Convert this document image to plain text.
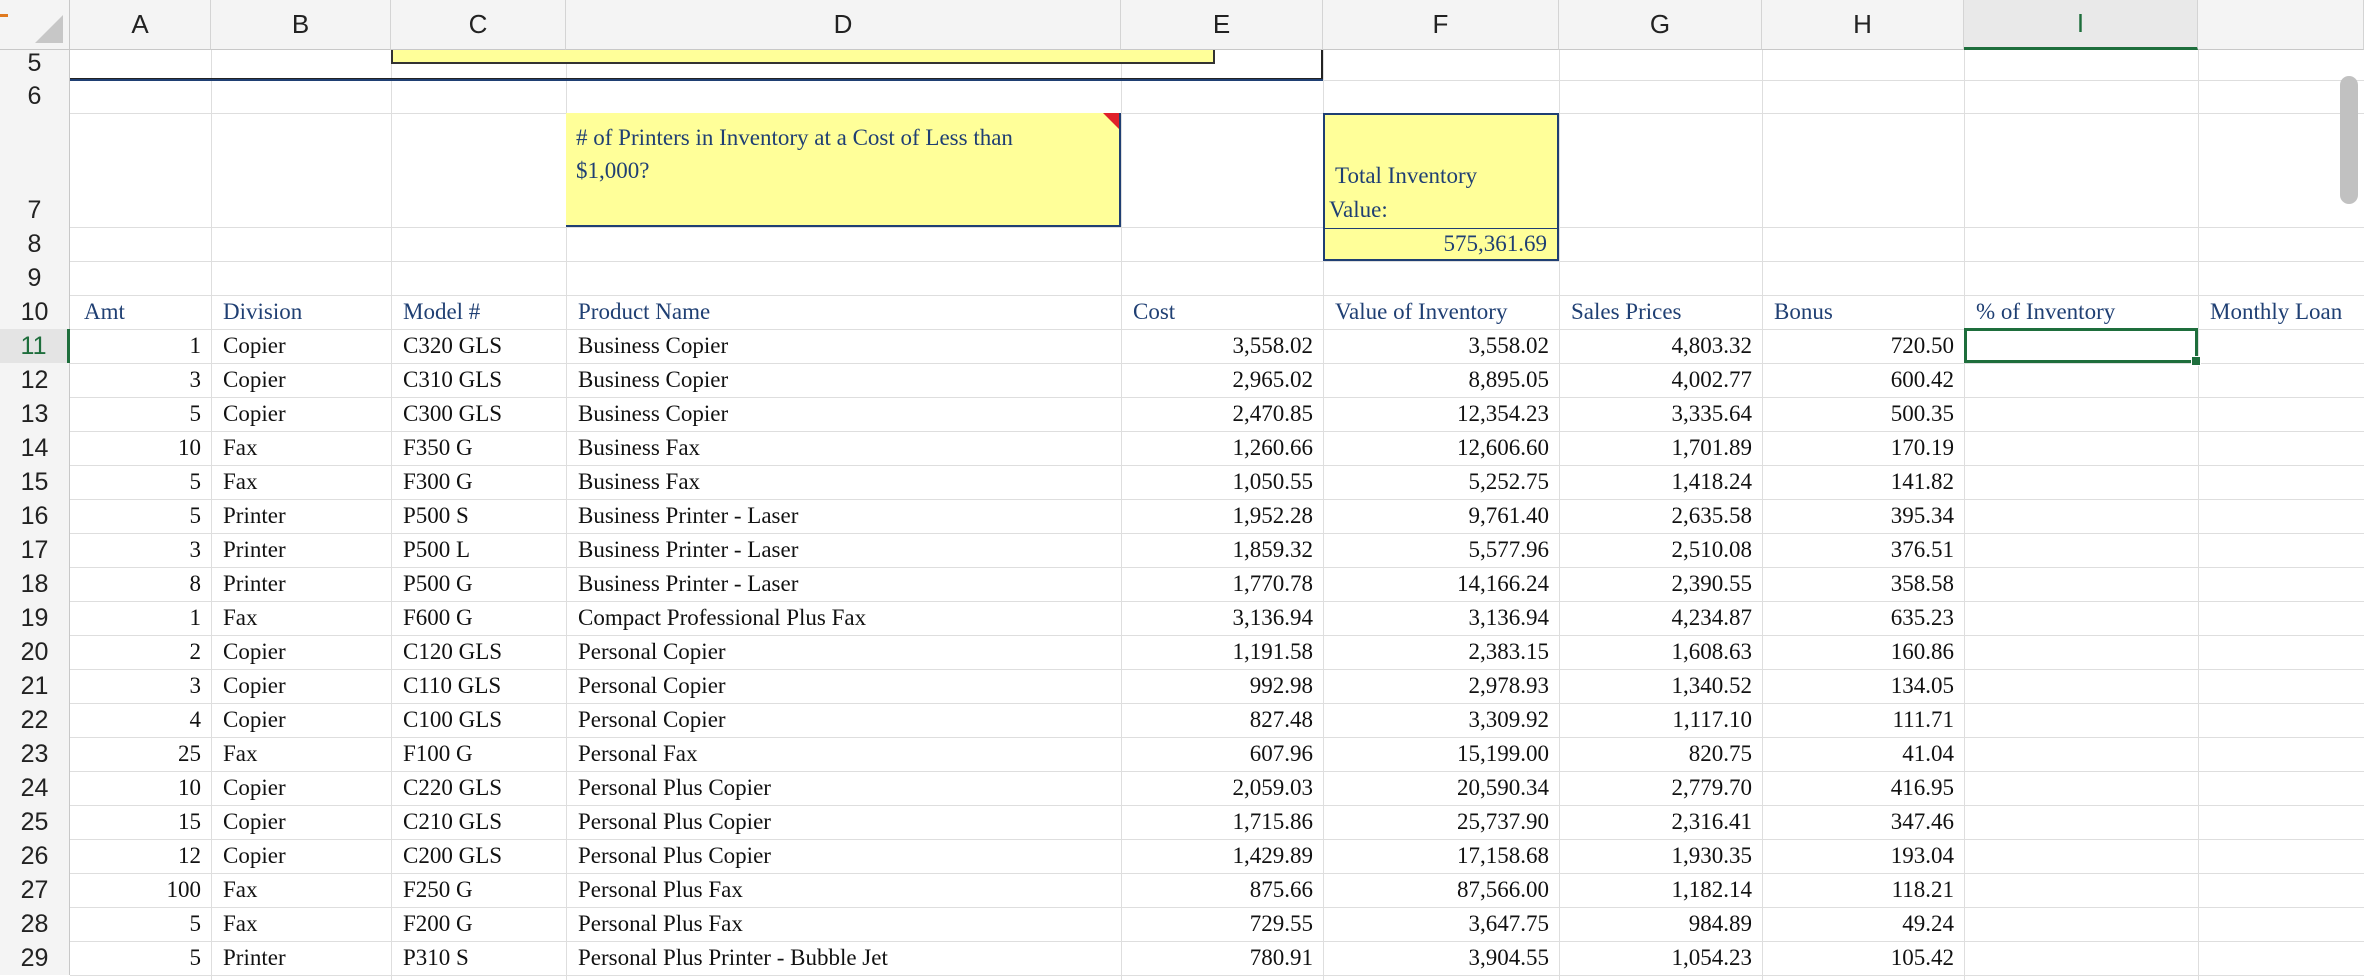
A	B	C	D	E	F	G	H	I
5
6
7
8
9
10
11
12
13
14
15
16
17
18
19
20
21
22
23
24
25
26
27
28
29
# of Printers in Inventory at a Cost of Less than
$1,000?	Total Inventory
Value:
575,361.69
Amt	Division	Model #	Product Name	Cost	Value of Inventory	Sales Prices	Bonus	% of Inventory	Monthly Loan
1 Copier	C320 GLS	Business Copier	3,558.02	3,558.02	4,803.32	720.50
3 Copier	C310 GLS	Business Copier	2,965.02	8,895.05	4,002.77	600.42
5 Copier	C300 GLS	Business Copier	2,470.85	12,354.23	3,335.64	500.35
10 Fax	F350 G	Business Fax	1,260.66	12,606.60	1,701.89	170.19
5 Fax	F300 G	Business Fax	1,050.55	5,252.75	1,418.24	141.82
5 Printer	P500 S	Business Printer - Laser	1,952.28	9,761.40	2,635.58	395.34
3 Printer	P500 L	Business Printer - Laser	1,859.32	5,577.96	2,510.08	376.51
8 Printer	P500 G	Business Printer - Laser	1,770.78	14,166.24	2,390.55	358.58
1 Fax	F600 G	Compact Professional Plus Fax	3,136.94	3,136.94	4,234.87	635.23
2 Copier	C120 GLS	Personal Copier	1,191.58	2,383.15	1,608.63	160.86
3 Copier	C110 GLS	Personal Copier	992.98	2,978.93	1,340.52	134.05
4 Copier	C100 GLS	Personal Copier	827.48	3,309.92	1,117.10	111.71
25 Fax	F100 G	Personal Fax	607.96	15,199.00	820.75	41.04
10 Copier	C220 GLS	Personal Plus Copier	2,059.03	20,590.34	2,779.70	416.95
15 Copier	C210 GLS	Personal Plus Copier	1,715.86	25,737.90	2,316.41	347.46
12 Copier	C200 GLS	Personal Plus Copier	1,429.89	17,158.68	1,930.35	193.04
100 Fax	F250 G	Personal Plus Fax	875.66	87,566.00	1,182.14	118.21
5 Fax	F200 G	Personal Plus Fax	729.55	3,647.75	984.89	49.24
5 Printer	P310 S	Personal Plus Printer - Bubble Jet	780.91	3,904.55	1,054.23	105.42
